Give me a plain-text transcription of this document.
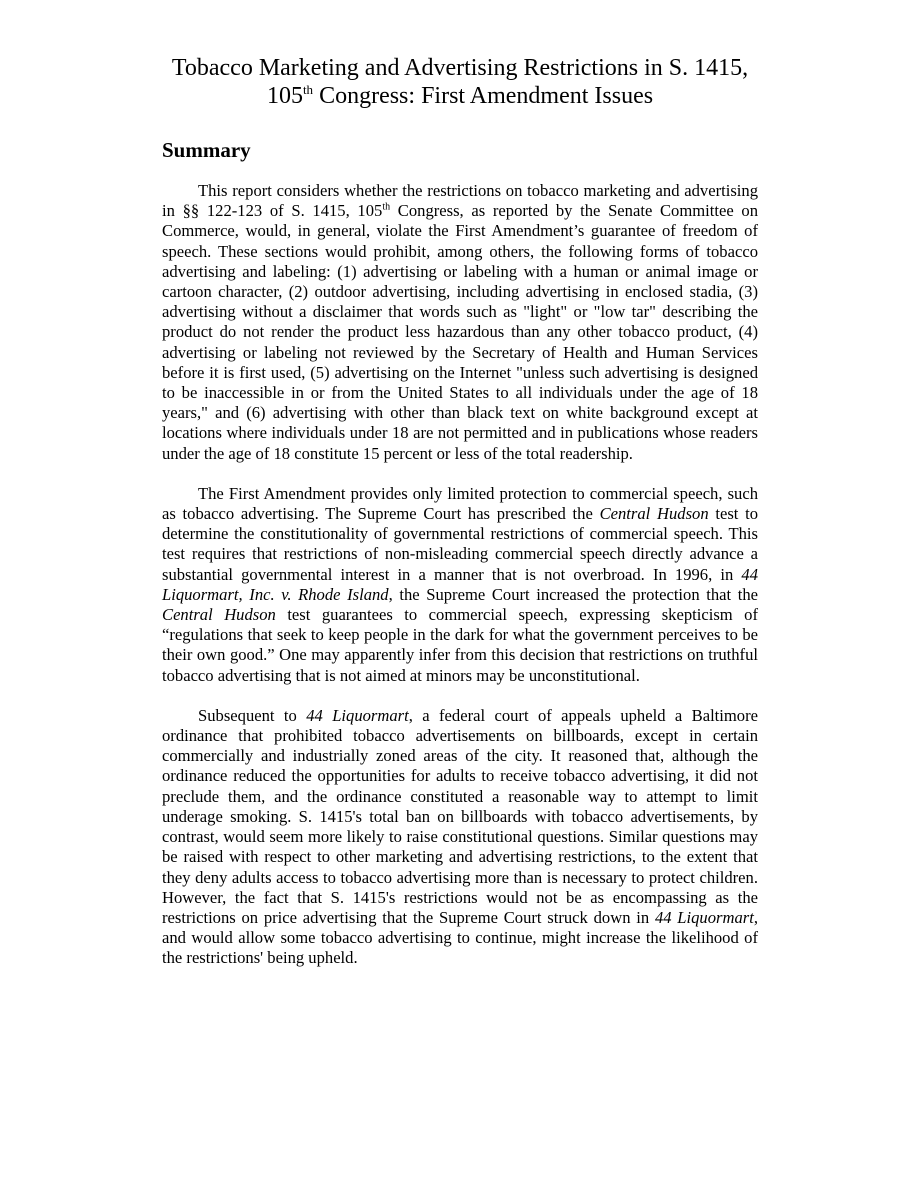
Tobacco Marketing and Advertising Restrictions in S. 1415,
105th Congress: First Amendment Issues
Summary

This report considers whether the restrictions on tobacco marketing and advertising in §§ 122-123 of S. 1415, 105th Congress, as reported by the Senate Committee on Commerce, would, in general, violate the First Amendment’s guarantee of freedom of speech. These sections would prohibit, among others, the following forms of tobacco advertising and labeling: (1) advertising or labeling with a human or animal image or cartoon character, (2) outdoor advertising, including advertising in enclosed stadia, (3) advertising without a disclaimer that words such as "light" or "low tar" describing the product do not render the product less hazardous than any other tobacco product, (4) advertising or labeling not reviewed by the Secretary of Health and Human Services before it is first used, (5) advertising on the Internet "unless such advertising is designed to be inaccessible in or from the United States to all individuals under the age of 18 years," and (6) advertising with other than black text on white background except at locations where individuals under 18 are not permitted and in publications whose readers under the age of 18 constitute 15 percent or less of the total readership.

The First Amendment provides only limited protection to commercial speech, such as tobacco advertising. The Supreme Court has prescribed the Central Hudson test to determine the constitutionality of governmental restrictions of commercial speech. This test requires that restrictions of non-misleading commercial speech directly advance a substantial governmental interest in a manner that is not overbroad. In 1996, in 44 Liquormart, Inc. v. Rhode Island, the Supreme Court increased the protection that the Central Hudson test guarantees to commercial speech, expressing skepticism of “regulations that seek to keep people in the dark for what the government perceives to be their own good.” One may apparently infer from this decision that restrictions on truthful tobacco advertising that is not aimed at minors may be unconstitutional.

Subsequent to 44 Liquormart, a federal court of appeals upheld a Baltimore ordinance that prohibited tobacco advertisements on billboards, except in certain commercially and industrially zoned areas of the city. It reasoned that, although the ordinance reduced the opportunities for adults to receive tobacco advertising, it did not preclude them, and the ordinance constituted a reasonable way to attempt to limit underage smoking. S. 1415's total ban on billboards with tobacco advertisements, by contrast, would seem more likely to raise constitutional questions. Similar questions may be raised with respect to other marketing and advertising restrictions, to the extent that they deny adults access to tobacco advertising more than is necessary to protect children. However, the fact that S. 1415's restrictions would not be as encompassing as the restrictions on price advertising that the Supreme Court struck down in 44 Liquormart, and would allow some tobacco advertising to continue, might increase the likelihood of the restrictions' being upheld.
